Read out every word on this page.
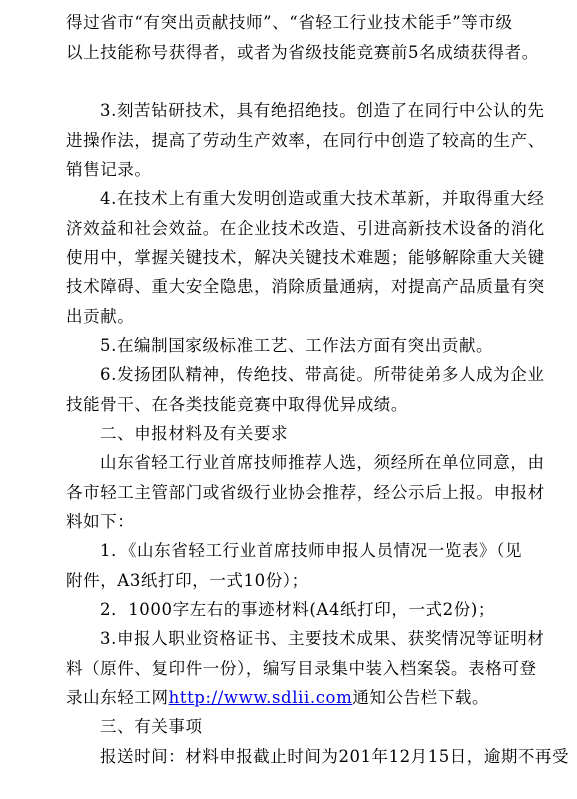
得过省市“有突出贡献技师”、“省轻工行业技术能手”等市级
以上技能称号获得者，或者为省级技能竞赛前5名成绩获得者。
3.刻苦钻研技术，具有绝招绝技。创造了在同行中公认的先
进操作法，提高了劳动生产效率，在同行中创造了较高的生产、
销售记录。
4.在技术上有重大发明创造或重大技术革新，并取得重大经
济效益和社会效益。在企业技术改造、引进高新技术设备的消化
使用中，掌握关键技术，解决关键技术难题；能够解除重大关键
技术障碍、重大安全隐患，消除质量通病，对提高产品质量有突
出贡献。
5.在编制国家级标准工艺、工作法方面有突出贡献。
6.发扬团队精神，传绝技、带高徒。所带徒弟多人成为企业
技能骨干、在各类技能竞赛中取得优异成绩。
二、申报材料及有关要求
山东省轻工行业首席技师推荐人选，须经所在单位同意，由
各市轻工主管部门或省级行业协会推荐，经公示后上报。申报材
料如下：
1．《山东省轻工行业首席技师申报人员情况一览表》（见
附件，A3纸打印，一式10份）；
2．1000字左右的事迹材料(A4纸打印，一式2份)；
3.申报人职业资格证书、主要技术成果、获奖情况等证明材
料（原件、复印件一份），编写目录集中装入档案袋。表格可登
录山东轻工网http://www.sdlii.com通知公告栏下载。
三、有关事项
报送时间：材料申报截止时间为201年12月15日，逾期不再受
